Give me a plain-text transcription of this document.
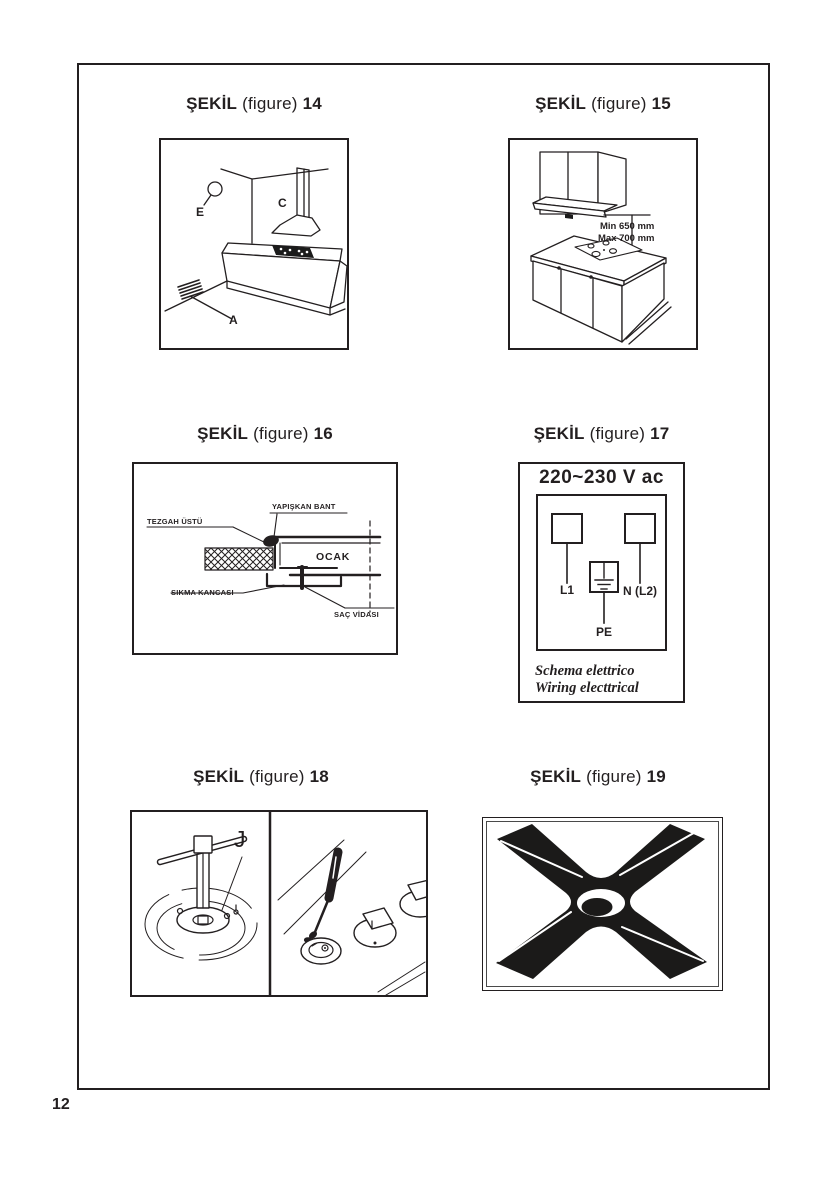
ŞEKİL (figure) 14
E
C
A
ŞEKİL (figure) 15
Min 650 mm
Max 700 mm
ŞEKİL (figure) 16
TEZGAH ÜSTÜ
YAPIŞKAN BANT
OCAK
SIKMA KANCASI
SAÇ VİDASI
ŞEKİL (figure) 17
220~230 V ac
L1	N (L2)
PE
Schema elettrico
Wiring electtrical
ŞEKİL (figure) 18
J
ŞEKİL (figure) 19
12
